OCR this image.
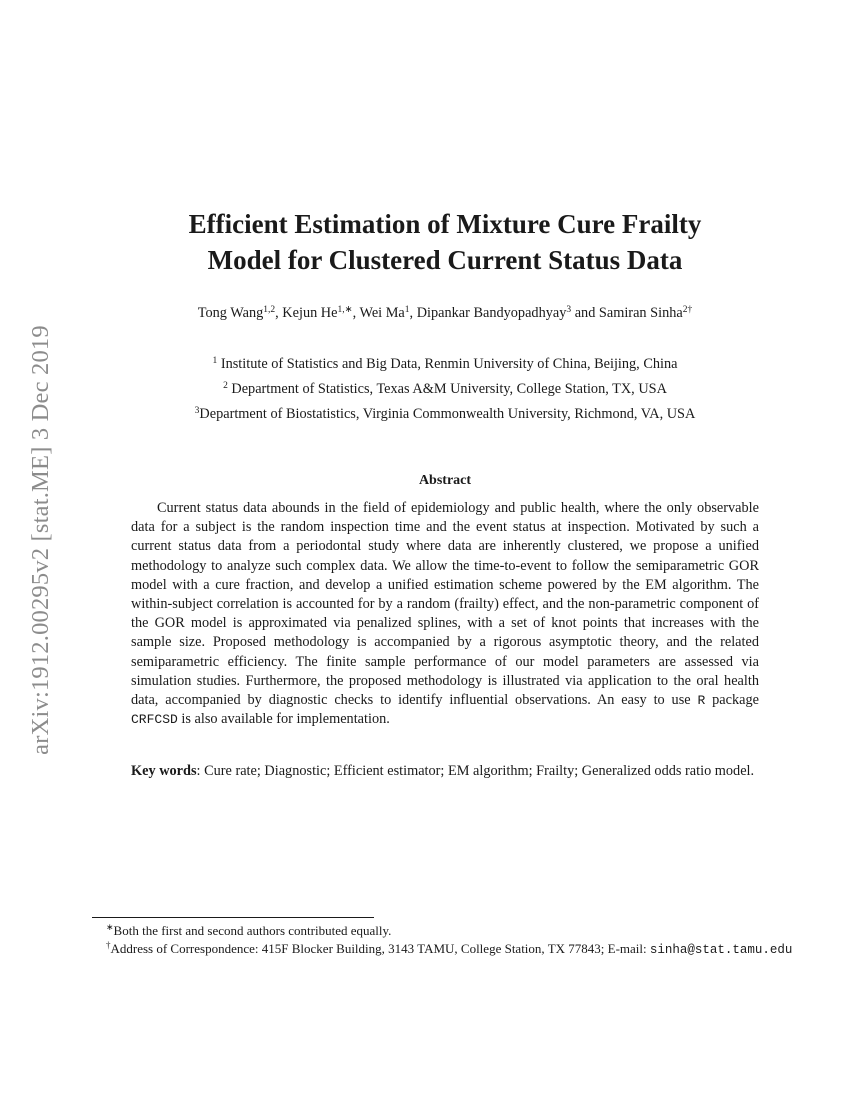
arXiv:1912.00295v2 [stat.ME] 3 Dec 2019
Efficient Estimation of Mixture Cure Frailty
Model for Clustered Current Status Data
Tong Wang$^{1,2}$, Kejun $He^{1,∗}$, Wei Ma$^1$, Dipankar Bandyopadhyay$^3$ and Samiran Sinha$^{2\dagger}$
$^1$ Institute of Statistics and Big Data, Renmin University of China, Beijing, China
$^2$ Department of Statistics, Texas A&M University, College Station, TX, USA
$^3$Department of Biostatistics, Virginia Commonwealth University, Richmond, VA, USA
Abstract

Current status data abounds in the field of epidemiology and public health, where the only observable data for a subject is the random inspection time and the event status at inspection. Motivated by such a current status data from a periodontal study where data are inherently clustered, we propose a unified methodology to analyze such complex data. We allow the time-to-event to follow the semiparametric GOR model with a cure fraction, and develop a unified estimation scheme powered by the EM algorithm. The within-subject correlation is accounted for by a random (frailty) effect, and the non-parametric component of the GOR model is approximated via penalized splines, with a set of knot points that increases with the sample size. Proposed methodology is accompanied by a rigorous asymptotic theory, and the related semiparametric efficiency. The finite sample performance of our model parameters are assessed via simulation studies. Furthermore, the proposed methodology is illustrated via application to the oral health data, accompanied by diagnostic checks to identify influential observations. An easy to use R package CRFCSD is also available for implementation.

Key words: Cure rate; Diagnostic; Efficient estimator; EM algorithm; Frailty; Generalized odds ratio model.

∗Both the first and second authors contributed equally.
†Address of Correspondence: 415F Blocker Building, 3143 TAMU, College Station, TX 77843; E-mail: sinha@stat.tamu.edu
